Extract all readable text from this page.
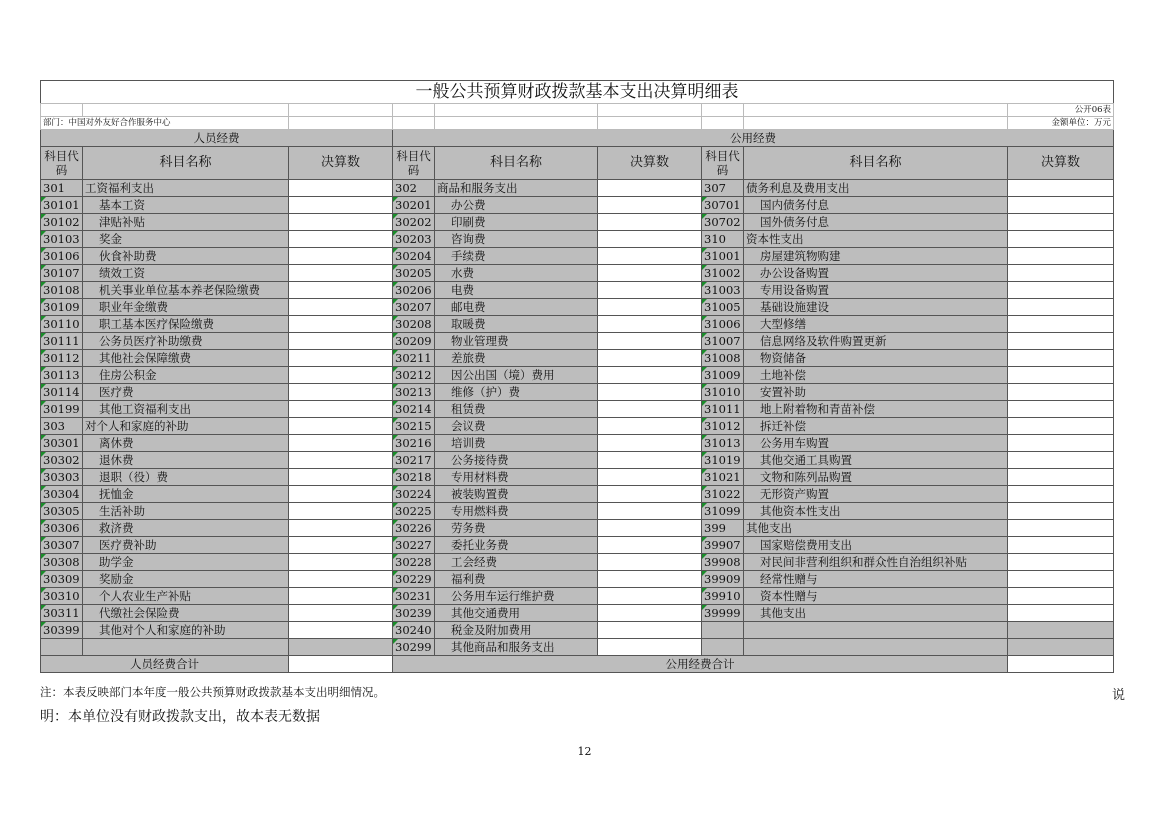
一般公共预算财政拨款基本支出决算明细表								
								公开06表
部门：中国对外友好合作服务中心								金额单位：万元
人员经费			公用经费					
科目代码	科目名称	决算数	科目代码	科目名称	决算数	科目代码	科目名称	决算数
301	工资福利支出		302	商品和服务支出		307	债务利息及费用支出	
30101	基本工资		30201	办公费		30701	国内债务付息	
30102	津贴补贴		30202	印刷费		30702	国外债务付息	
30103	奖金		30203	咨询费		310	资本性支出	
30106	伙食补助费		30204	手续费		31001	房屋建筑物购建	
30107	绩效工资		30205	水费		31002	办公设备购置	
30108	机关事业单位基本养老保险缴费		30206	电费		31003	专用设备购置	
30109	职业年金缴费		30207	邮电费		31005	基础设施建设	
30110	职工基本医疗保险缴费		30208	取暖费		31006	大型修缮	
30111	公务员医疗补助缴费		30209	物业管理费		31007	信息网络及软件购置更新	
30112	其他社会保障缴费		30211	差旅费		31008	物资储备	
30113	住房公积金		30212	因公出国（境）费用		31009	土地补偿	
30114	医疗费		30213	维修（护）费		31010	安置补助	
30199	其他工资福利支出		30214	租赁费		31011	地上附着物和青苗补偿	
303	对个人和家庭的补助		30215	会议费		31012	拆迁补偿	
30301	离休费		30216	培训费		31013	公务用车购置	
30302	退休费		30217	公务接待费		31019	其他交通工具购置	
30303	退职（役）费		30218	专用材料费		31021	文物和陈列品购置	
30304	抚恤金		30224	被装购置费		31022	无形资产购置	
30305	生活补助		30225	专用燃料费		31099	其他资本性支出	
30306	救济费		30226	劳务费		399	其他支出	
30307	医疗费补助		30227	委托业务费		39907	国家赔偿费用支出	
30308	助学金		30228	工会经费		39908	对民间非营利组织和群众性自治组织补贴	
30309	奖励金		30229	福利费		39909	经常性赠与	
30310	个人农业生产补贴		30231	公务用车运行维护费		39910	资本性赠与	
30311	代缴社会保险费		30239	其他交通费用		39999	其他支出	
30399	其他对个人和家庭的补助		30240	税金及附加费用				
			30299	其他商品和服务支出				
人员经费合计			公用经费合计					
注：本表反映部门本年度一般公共预算财政拨款基本支出明细情况。	说
明：本单位没有财政拨款支出，故本表无数据
12
